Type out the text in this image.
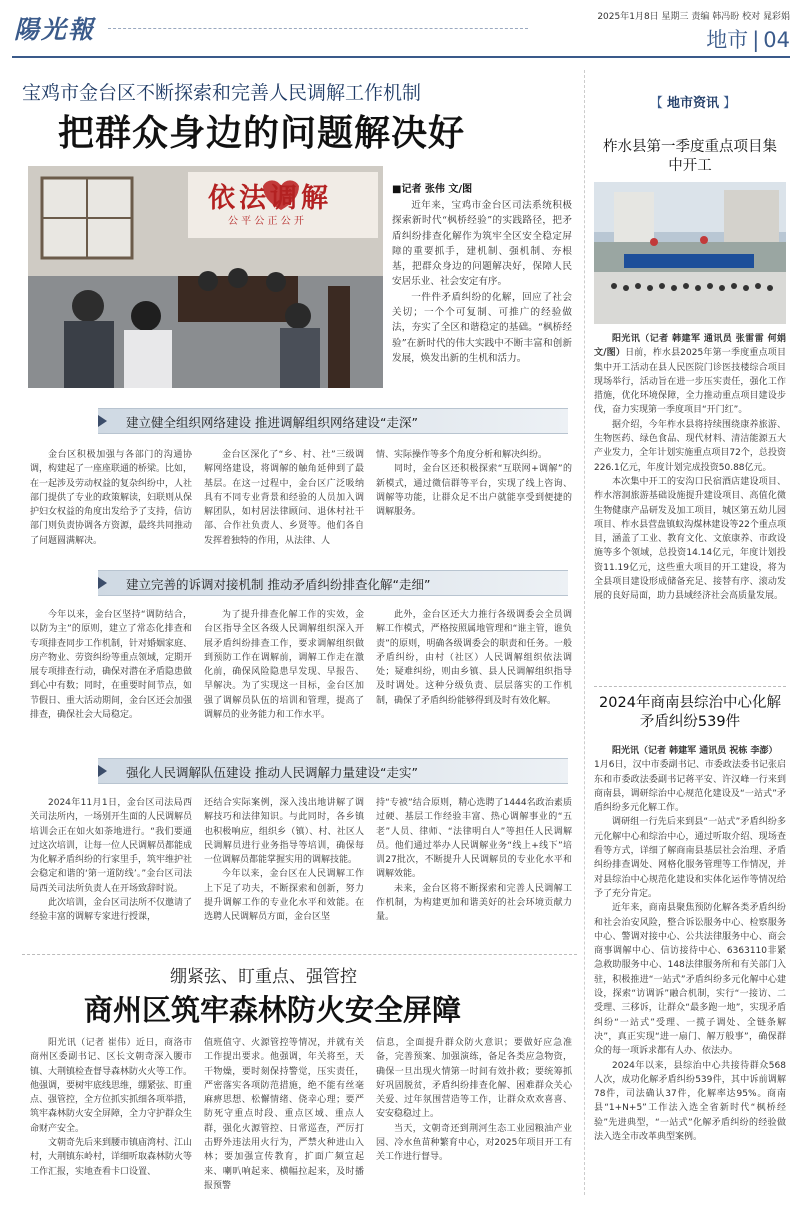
陽光報	2025年1月8日 星期三 责编 韩冯盼 校对 晁彩娟
地市 | 04
宝鸡市金台区不断探索和完善人民调解工作机制
把群众身边的问题解决好
依法调解
公 平 公 正 公 开
■记者 张伟 文/图

近年来，宝鸡市金台区司法系统积极探索新时代“枫桥经验”的实践路径，把矛盾纠纷排查化解作为筑牢全区安全稳定屏障的重要抓手，建机制、强机制、夯根基，把群众身边的问题解决好，保障人民安居乐业、社会安定有序。

一件件矛盾纠纷的化解，回应了社会关切；一个个可复制、可推广的经验做法，夯实了全区和谐稳定的基础。“枫桥经验”在新时代的伟大实践中不断丰富和创新发展，焕发出新的生机和活力。

建立健全组织网络建设 推进调解组织网络建设“走深”

金台区积极加强与各部门的沟通协调，构建起了一座座联通的桥梁。比如，在一起涉及劳动权益的复杂纠纷中，人社部门提供了专业的政策解读，妇联则从保护妇女权益的角度出发给予了支持，信访部门则负责协调各方资源，最终共同推动了问题圆满解决。

金台区深化了“乡、村、社”三级调解网络建设，将调解的触角延伸到了最基层。在这一过程中，金台区广泛吸纳具有不同专业背景和经验的人员加入调解团队，如村居法律顾问、退休村社干部、合作社负责人、乡贤等。他们各自发挥着独特的作用，从法律、人

情、实际操作等多个角度分析和解决纠纷。

同时，金台区还积极探索“互联网+调解”的新模式，通过微信群等平台，实现了线上咨询、调解等功能，让群众足不出户就能享受到便捷的调解服务。

建立完善的诉调对接机制 推动矛盾纠纷排查化解“走细”

今年以来，金台区坚持“调防结合，以防为主”的原则，建立了常态化排查和专项排查同步工作机制，针对婚姻家庭、房产物业、劳资纠纷等重点领域，定期开展专项排查行动，确保对潜在矛盾隐患做到心中有数；同时，在重要时间节点，如节假日、重大活动期间，金台区还会加强排查，确保社会大局稳定。

为了提升排查化解工作的实效，金台区指导全区各级人民调解组织深入开展矛盾纠纷排查工作，要求调解组织做到预防工作在调解前，调解工作走在激化前，确保风险隐患早发现、早报告、早解决。为了实现这一目标，金台区加强了调解员队伍的培训和管理，提高了调解员的业务能力和工作水平。

此外，金台区还大力推行各级调委会全员调解工作模式，严格按照属地管理和“谁主管，谁负责”的原则，明确各级调委会的职责和任务。一般矛盾纠纷，由村（社区）人民调解组织依法调处；疑难纠纷，则由乡镇、县人民调解组织指导及时调处。这种分级负责、层层落实的工作机制，确保了矛盾纠纷能够得到及时有效化解。

强化人民调解队伍建设 推动人民调解力量建设“走实”

2024年11月1日，金台区司法局西关司法所内，一场别开生面的人民调解员培训会正在如火如荼地进行。“我们要通过这次培训，让每一位人民调解员都能成为化解矛盾纠纷的行家里手，筑牢维护社会稳定和谐的‘第一道防线’。”金台区司法局西关司法所负责人在开场致辞时说。

此次培训，金台区司法所不仅邀请了经验丰富的调解专家进行授课，

还结合实际案例，深入浅出地讲解了调解技巧和法律知识。与此同时，各乡镇也积极响应，组织乡（镇）、村、社区人民调解员进行业务指导等培训，确保每一位调解员都能掌握实用的调解技能。

今年以来，金台区在人民调解工作上下足了功夫，不断探索和创新，努力提升调解工作的专业化水平和效能。在选聘人民调解员方面，金台区坚

持“专被”结合原则，精心选聘了1444名政治素质过硬、基层工作经验丰富、热心调解事业的“五老”人员、律师、“法律明白人”等担任人民调解员。他们通过举办人民调解业务“线上+线下”培训27批次，不断提升人民调解员的专业化水平和调解效能。

未来，金台区将不断探索和完善人民调解工作机制，为构建更加和谐美好的社会环境贡献力量。

绷紧弦、盯重点、强管控
商州区筑牢森林防火安全屏障

阳光讯（记者 崔伟）近日，商洛市商州区委副书记、区长文朝奇深入腰市镇、大荆镇检查督导森林防火火等工作。他强调，要树牢底线思维，绷紧弦、盯重点、强管控，全方位抓实抓细各项举措，筑牢森林防火安全屏障，全力守护群众生命财产安全。

文朝奇先后来到腰市镇庙湾村、江山村，大荆镇东岭村，详细听取森林防火等工作汇报，实地查看卡口设置、

值班值守、火源管控等情况，并就有关工作提出要求。他强调，年关将至，天干物燥，要时刻保持警觉，压实责任，严密落实各项防范措施，绝不能有丝毫麻痹思想、松懈情绪、侥幸心理；要严防死守重点时段、重点区域、重点人群，强化火源管控、日常巡查，严厉打击野外违法用火行为，严禁火种进山入林；要加强宣传教育，扩面广频宣起来、喇叭响起来、横幅拉起来，及时播报预警

信息，全面提升群众防火意识；要做好应急准备，完善预案、加强演练，备足各类应急物资，确保一旦出现火情第一时间有效扑救；要统筹抓好巩固脱贫，矛盾纠纷排查化解、困难群众关心关爱、过年氛围营造等工作，让群众欢欢喜喜、安安稳稳过上。

当天，文朝奇还到荆河生态工业园粮油产业园、冷水鱼苗种繁育中心，对2025年项目开工有关工作进行督导。

【 地市资讯 】
柞水县第一季度重点项目集中开工

阳光讯（记者 韩建军 通讯员 张雷雷 何娟 文/图）日前，柞水县2025年第一季度重点项目集中开工活动在县人民医院门诊医技楼综合项目现场举行，活动旨在进一步压实责任，强化工作措施，优化环境保障，全力推动重点项目建设步伐，奋力实现第一季度项目“开门红”。

据介绍，今年柞水县将持续围绕康养旅游、生物医药、绿色食品、现代材料、清洁能源五大产业发力，全年计划实施重点项目72个，总投资226.1亿元，年度计划完成投资50.88亿元。

本次集中开工的安沟口民宿酒店建设项目、柞水溶洞旅游基础设施提升建设项目、高值化微生物健康产品研发及加工项目，城区第五幼儿园项目、柞水县营盘镇蚁沟煤林建设等22个重点项目，涵盖了工业、教育文化、文旅康养、市政设施等多个领域，总投资14.14亿元，年度计划投资11.19亿元，这些重大项目的开工建设，将为全县项目建设形成储备充足、接替有序、滚动发展的良好局面，助力县域经济社会高质量发展。

2024年商南县综治中心化解矛盾纠纷539件

阳光讯（记者 韩建军 通讯员 祝栋 李澎）

1月6日，汉中市委副书记、市委政法委书记张启东和市委政法委副书记蒋平安、许汉峰一行来到商南县，调研综治中心规范化建设及“一站式”矛盾纠纷多元化解工作。

调研组一行先后来到县“一站式”矛盾纠纷多元化解中心和综治中心，通过听取介绍、现场查看等方式，详细了解商南县基层社会治理、矛盾纠纷排查调处、网格化服务管理等工作情况，并对县综治中心规范化建设和实体化运作等情况给予了充分肯定。

近年来，商南县聚焦预防化解各类矛盾纠纷和社会治安风险，整合诉讼服务中心、检察服务中心、警调对接中心、公共法律服务中心、商会商事调解中心、信访接待中心、6363110非紧急救助服务中心、148法律服务所和有关部门入驻，积极推进“一站式”矛盾纠纷多元化解中心建设，探索“访调诉”融合机制，实行“一接访、二受理、三移诉，让群众“最多跑一地”，实现矛盾纠纷“一站式”受理、一揽子调处、全链条解决”，真正实现“进一扇门、解万般事”，确保群众的每一项诉求都有人办、依法办。

2024年以来，县综治中心共接待群众568人次，成功化解矛盾纠纷539件，其中诉前调解78件，司法确认37件，化解率达95%。商南县“1+N+5”工作法入选全省新时代“枫桥经验”先进典型，“一站式”化解矛盾纠纷的经验做法入选全市改革典型案例。
